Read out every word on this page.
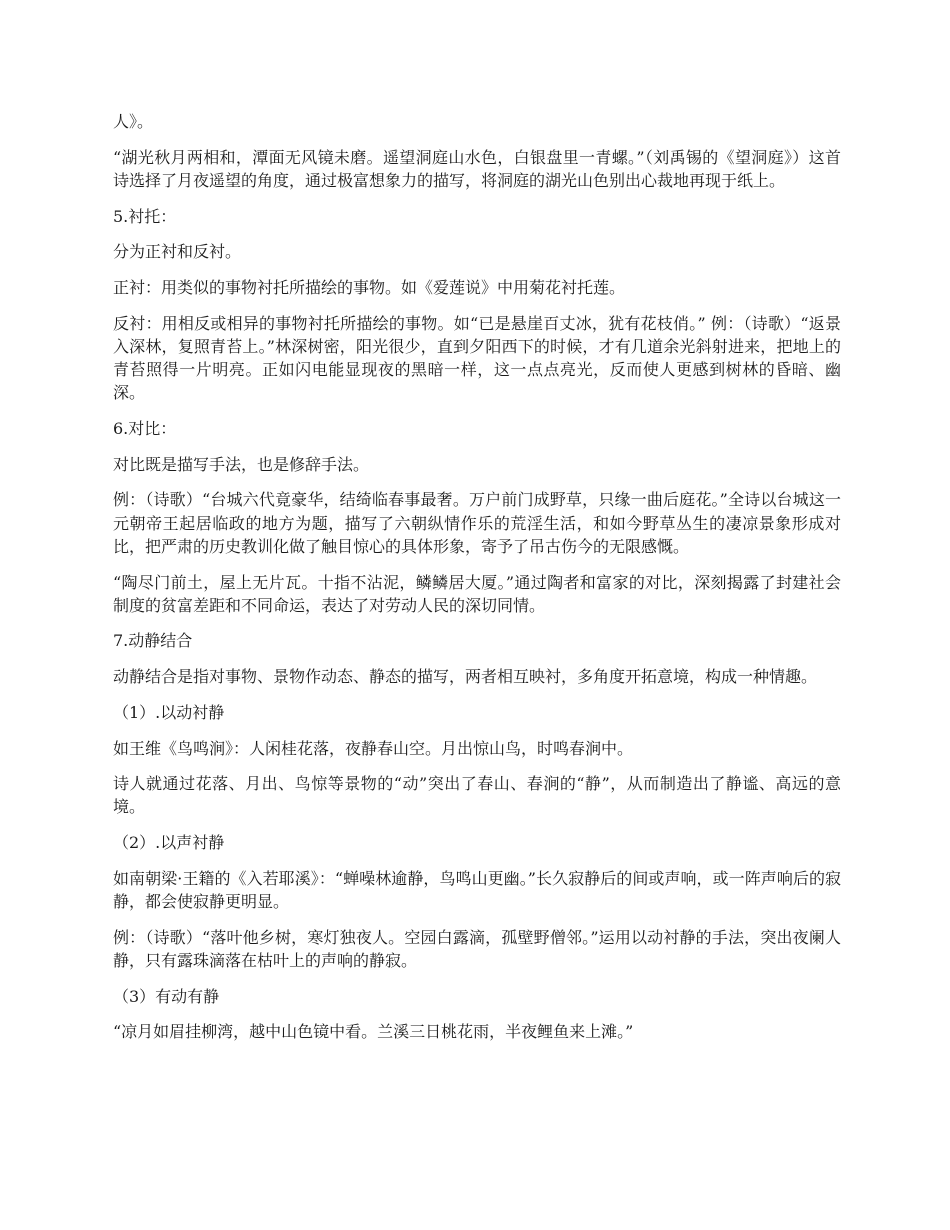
人》。

“湖光秋月两相和，潭面无风镜未磨。遥望洞庭山水色，白银盘里一青螺。”（刘禹锡的《望洞庭》）这首诗选择了月夜遥望的角度，通过极富想象力的描写，将洞庭的湖光山色别出心裁地再现于纸上。

5.衬托：

分为正衬和反衬。

正衬：用类似的事物衬托所描绘的事物。如《爱莲说》中用菊花衬托莲。

反衬：用相反或相异的事物衬托所描绘的事物。如“已是悬崖百丈冰，犹有花枝俏。” 例：（诗歌）“返景入深林，复照青苔上。”林深树密，阳光很少，直到夕阳西下的时候，才有几道余光斜射进来，把地上的青苔照得一片明亮。正如闪电能显现夜的黑暗一样，这一点点亮光，反而使人更感到树林的昏暗、幽深。

6.对比：

对比既是描写手法，也是修辞手法。

例：（诗歌）“台城六代竟豪华，结绮临春事最奢。万户前门成野草，只缘一曲后庭花。”全诗以台城这一元朝帝王起居临政的地方为题，描写了六朝纵情作乐的荒淫生活，和如今野草丛生的凄凉景象形成对比，把严肃的历史教训化做了触目惊心的具体形象，寄予了吊古伤今的无限感慨。

“陶尽门前土，屋上无片瓦。十指不沾泥，鳞鳞居大厦。”通过陶者和富家的对比，深刻揭露了封建社会制度的贫富差距和不同命运，表达了对劳动人民的深切同情。

7.动静结合

动静结合是指对事物、景物作动态、静态的描写，两者相互映衬，多角度开拓意境，构成一种情趣。

（1）.以动衬静

如王维《鸟鸣涧》：人闲桂花落，夜静春山空。月出惊山鸟，时鸣春涧中。

诗人就通过花落、月出、鸟惊等景物的“动”突出了春山、春涧的“静”，从而制造出了静谧、高远的意境。

（2）.以声衬静

如南朝梁·王籍的《入若耶溪》：“蝉噪林逾静，鸟鸣山更幽。”长久寂静后的间或声响，或一阵声响后的寂静，都会使寂静更明显。

例：（诗歌）“落叶他乡树，寒灯独夜人。空园白露滴，孤壁野僧邻。”运用以动衬静的手法，突出夜阑人静，只有露珠滴落在枯叶上的声响的静寂。

（3）有动有静

“凉月如眉挂柳湾，越中山色镜中看。兰溪三日桃花雨，半夜鲤鱼来上滩。”
